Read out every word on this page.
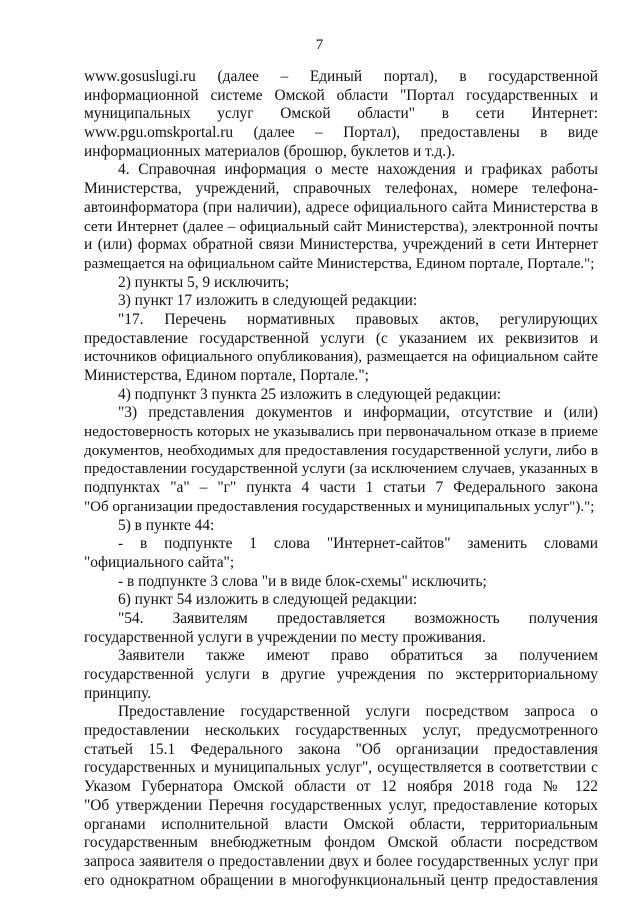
7
www.gosuslugi.ru (далее – Единый портал), в государственной
информационной системе Омской области "Портал государственных и
муниципальных услуг Омской области" в сети Интернет:
www.pgu.omskportal.ru (далее – Портал), предоставлены в виде
информационных материалов (брошюр, буклетов и т.д.).
4. Справочная информация о месте нахождения и графиках работы
Министерства, учреждений, справочных телефонах, номере телефона-
автоинформатора (при наличии), адресе официального сайта Министерства в
сети Интернет (далее – официальный сайт Министерства), электронной почты
и (или) формах обратной связи Министерства, учреждений в сети Интернет
размещается на официальном сайте Министерства, Едином портале, Портале.";
2) пункты 5, 9 исключить;
3) пункт 17 изложить в следующей редакции:
"17. Перечень нормативных правовых актов, регулирующих
предоставление государственной услуги (с указанием их реквизитов и
источников официального опубликования), размещается на официальном сайте
Министерства, Едином портале, Портале.";
4) подпункт 3 пункта 25 изложить в следующей редакции:
"3) представления документов и информации, отсутствие и (или)
недостоверность которых не указывались при первоначальном отказе в приеме
документов, необходимых для предоставления государственной услуги, либо в
предоставлении государственной услуги (за исключением случаев, указанных в
подпунктах "а" – "г" пункта 4 части 1 статьи 7 Федерального закона
"Об организации предоставления государственных и муниципальных услуг").";
5) в пункте 44:
- в подпункте 1 слова "Интернет-сайтов" заменить словами
"официального сайта";
- в подпункте 3 слова "и в виде блок-схемы" исключить;
6) пункт 54 изложить в следующей редакции:
"54. Заявителям предоставляется возможность получения
государственной услуги в учреждении по месту проживания.
Заявители также имеют право обратиться за получением
государственной услуги в другие учреждения по экстерриториальному
принципу.
Предоставление государственной услуги посредством запроса о
предоставлении нескольких государственных услуг, предусмотренного
статьей 15.1 Федерального закона "Об организации предоставления
государственных и муниципальных услуг", осуществляется в соответствии с
Указом Губернатора Омской области от 12 ноября 2018 года № 122
"Об утверждении Перечня государственных услуг, предоставление которых
органами исполнительной власти Омской области, территориальным
государственным внебюджетным фондом Омской области посредством
запроса заявителя о предоставлении двух и более государственных услуг при
его однократном обращении в многофункциональный центр предоставления
